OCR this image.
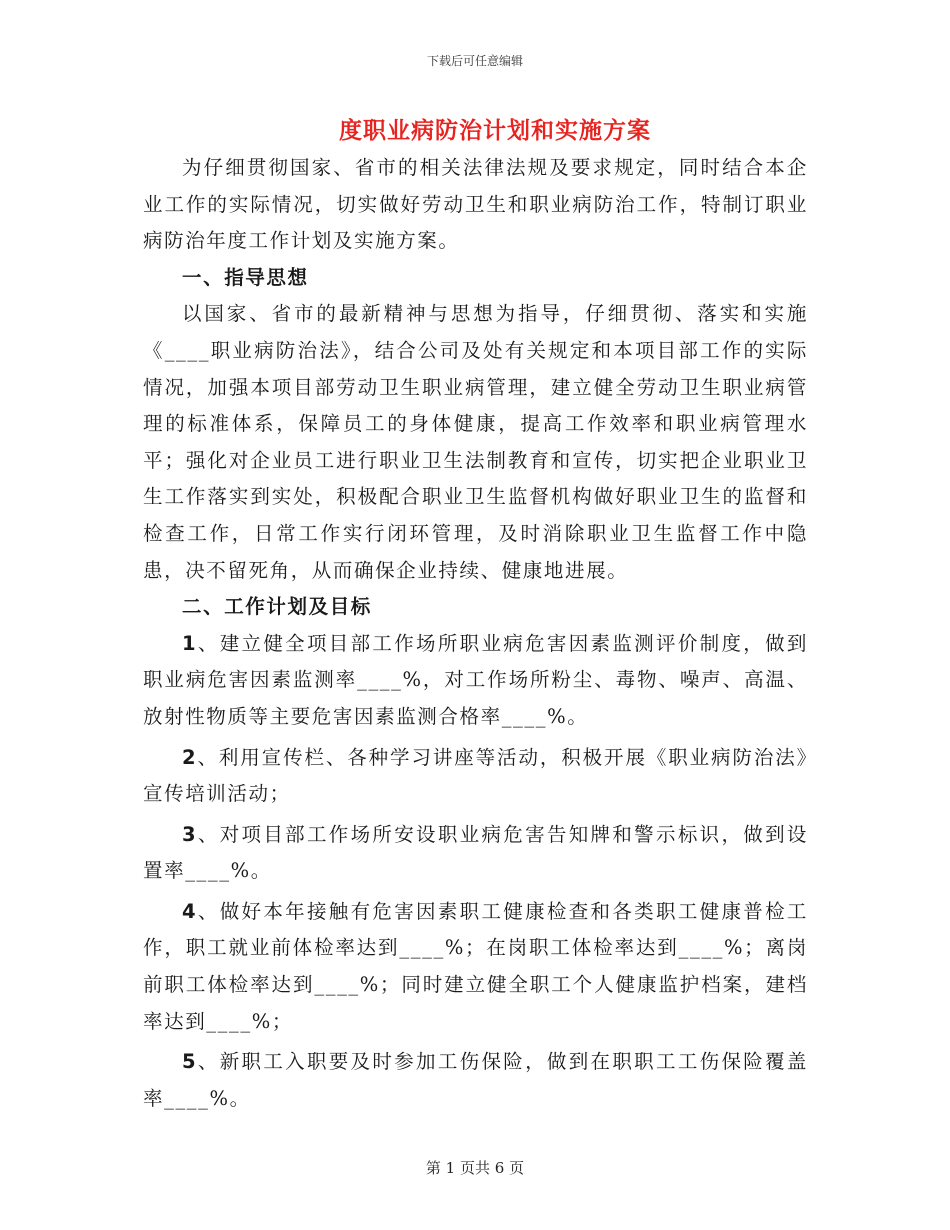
下载后可任意编辑
度职业病防治计划和实施方案

为仔细贯彻国家、省市的相关法律法规及要求规定，同时结合本企业工作的实际情况，切实做好劳动卫生和职业病防治工作，特制订职业病防治年度工作计划及实施方案。

一、指导思想

以国家、省市的最新精神与思想为指导，仔细贯彻、落实和实施《____职业病防治法》，结合公司及处有关规定和本项目部工作的实际情况，加强本项目部劳动卫生职业病管理，建立健全劳动卫生职业病管理的标准体系，保障员工的身体健康，提高工作效率和职业病管理水平；强化对企业员工进行职业卫生法制教育和宣传，切实把企业职业卫生工作落实到实处，积极配合职业卫生监督机构做好职业卫生的监督和检查工作，日常工作实行闭环管理，及时消除职业卫生监督工作中隐患，决不留死角，从而确保企业持续、健康地进展。

二、工作计划及目标

1、建立健全项目部工作场所职业病危害因素监测评价制度，做到职业病危害因素监测率____%，对工作场所粉尘、毒物、噪声、高温、放射性物质等主要危害因素监测合格率____%。

2、利用宣传栏、各种学习讲座等活动，积极开展《职业病防治法》宣传培训活动；

3、对项目部工作场所安设职业病危害告知牌和警示标识，做到设置率____%。

4、做好本年接触有危害因素职工健康检查和各类职工健康普检工作，职工就业前体检率达到____%；在岗职工体检率达到____%；离岗前职工体检率达到____%；同时建立健全职工个人健康监护档案，建档率达到____%；

5、新职工入职要及时参加工伤保险，做到在职职工工伤保险覆盖率____%。

第 1 页共 6 页
